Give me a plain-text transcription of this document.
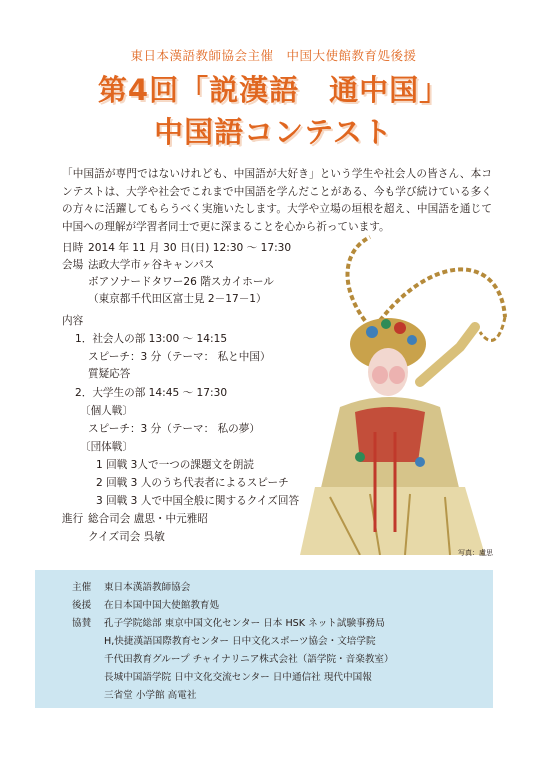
東日本漢語教師協会主催　中国大使館教育処後援
第4回「説漢語　通中国」
中国語コンテスト
「中国語が専門ではないけれども、中国語が大好き」という学生や社会人の皆さん、本コンテストは、大学や社会でこれまで中国語を学んだことがある、今も学び続けている多くの方々に活躍してもらうべく実施いたします。大学や立場の垣根を超え、中国語を通じて中国への理解が学習者同士で更に深まることを心から祈っています。
日時 2014 年 11 月 30 日(日) 12:30 ～ 17:30
会場 法政大学市ヶ谷キャンパス
ボアソナードタワー26 階スカイホール
（東京都千代田区富士見 2－17－1）
内容
1．社会人の部 13:00 ～ 14:15
スピーチ：3 分（テーマ： 私と中国）
質疑応答
2．大学生の部 14:45 ～ 17:30
〔個人戦〕
スピーチ：3 分（テーマ： 私の夢）
〔団体戦〕
1 回戦 3人で一つの課題文を朗読
2 回戦 3 人のうち代表者によるスピーチ
3 回戦 3 人で中国全般に関するクイズ回答
進行 総合司会 盧思・中元雅昭
クイズ司会 呉敏
写真：盧思
主催 東日本漢語教師協会
後援 在日本国中国大使館教育処
協賛 孔子学院総部 東京中国文化センター 日本 HSK ネット試験事務局
H,快捷漢語国際教育センター 日中文化スポーツ協会・文培学院
千代田教育グループ チャイナリニア株式会社（語学院・音楽教室）
長城中国語学院 日中文化交流センター 日中通信社 現代中国報
三省堂 小学館 高電社
